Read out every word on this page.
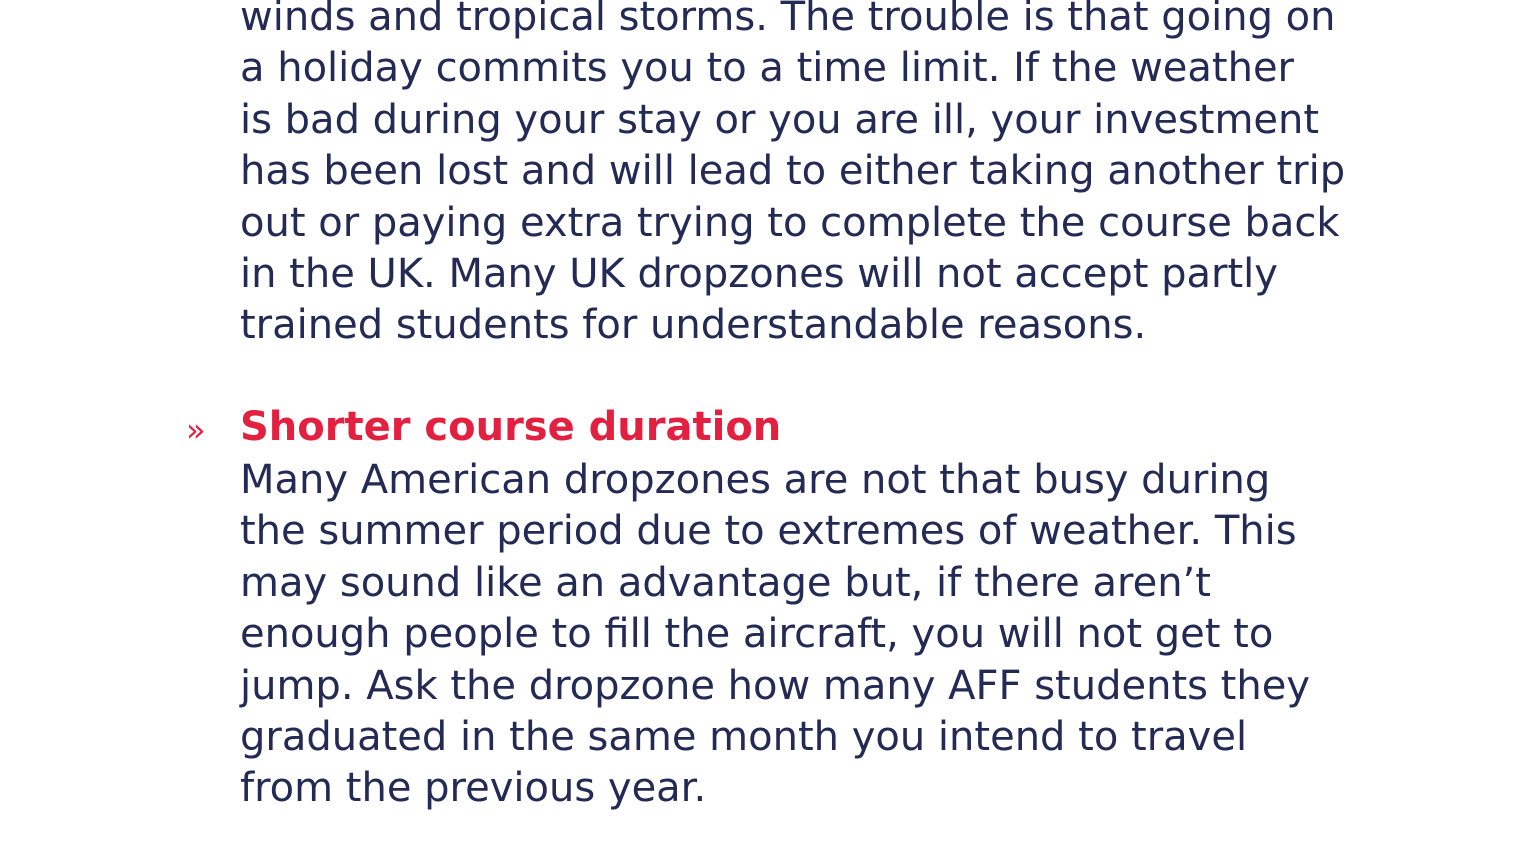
winds and tropical storms. The trouble is that going on
a holiday commits you to a time limit. If the weather
is bad during your stay or you are ill, your investment
has been lost and will lead to either taking another trip
out or paying extra trying to complete the course back
in the UK. Many UK dropzones will not accept partly
trained students for understandable reasons.

» Shorter course duration

Many American dropzones are not that busy during
the summer period due to extremes of weather. This
may sound like an advantage but, if there aren’t
enough people to fill the aircraft, you will not get to
jump. Ask the dropzone how many AFF students they
graduated in the same month you intend to travel
from the previous year.
